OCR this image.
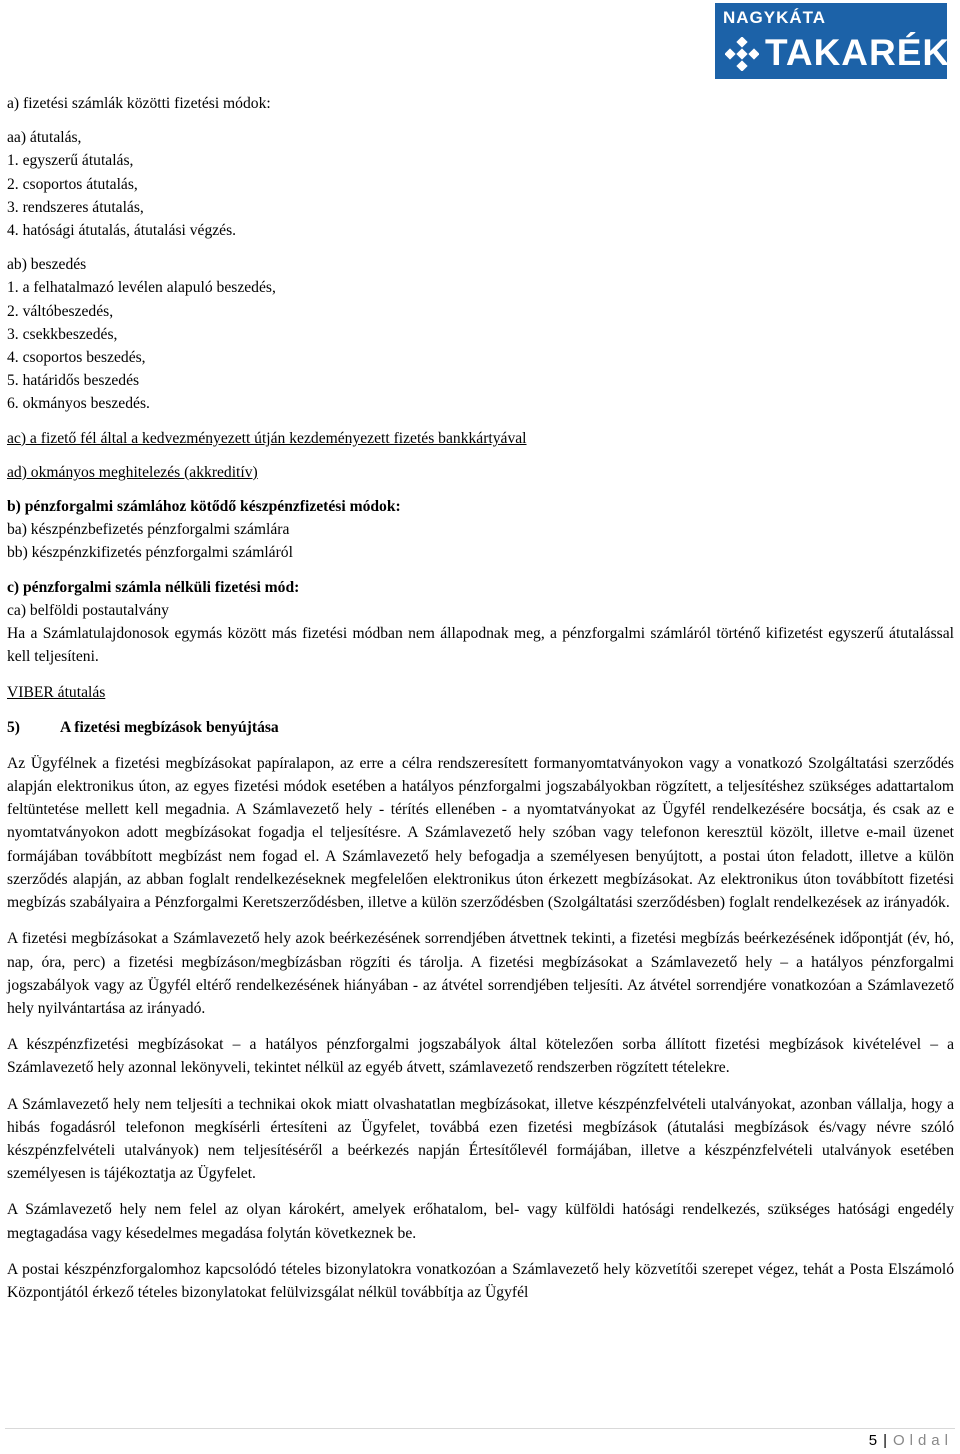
NAGYKÁTA
TAKARÉK

a) fizetési számlák közötti fizetési módok:

aa) átutalás,

1. egyszerű átutalás,

2. csoportos átutalás,

3. rendszeres átutalás,

4. hatósági átutalás, átutalási végzés.

ab) beszedés

1. a felhatalmazó levélen alapuló beszedés,

2. váltóbeszedés,

3. csekkbeszedés,

4. csoportos beszedés,

5. határidős beszedés

6. okmányos beszedés.

ac) a fizető fél által a kedvezményezett útján kezdeményezett fizetés bankkártyával

ad) okmányos meghitelezés (akkreditív)

b) pénzforgalmi számlához kötődő készpénzfizetési módok:

ba) készpénzbefizetés pénzforgalmi számlára

bb) készpénzkifizetés pénzforgalmi számláról

c) pénzforgalmi számla nélküli fizetési mód:

ca) belföldi postautalvány

Ha a Számlatulajdonosok egymás között más fizetési módban nem állapodnak meg, a pénzforgalmi számláról történő kifizetést egyszerű átutalással kell teljesíteni.

VIBER átutalás

5)	A fizetési megbízások benyújtása

Az Ügyfélnek a fizetési megbízásokat papíralapon, az erre a célra rendszeresített formanyomtatványokon vagy a vonatkozó Szolgáltatási szerződés alapján elektronikus úton, az egyes fizetési módok esetében a hatályos pénzforgalmi jogszabályokban rögzített, a teljesítéshez szükséges adattartalom feltüntetése mellett kell megadnia. A Számlavezető hely - térítés ellenében - a nyomtatványokat az Ügyfél rendelkezésére bocsátja, és csak az e nyomtatványokon adott megbízásokat fogadja el teljesítésre. A Számlavezető hely szóban vagy telefonon keresztül közölt, illetve e-mail üzenet formájában továbbított megbízást nem fogad el. A Számlavezető hely befogadja a személyesen benyújtott, a postai úton feladott, illetve a külön szerződés alapján, az abban foglalt rendelkezéseknek megfelelően elektronikus úton érkezett megbízásokat. Az elektronikus úton továbbított fizetési megbízás szabályaira a Pénzforgalmi Keretszerződésben, illetve a külön szerződésben (Szolgáltatási szerződésben) foglalt rendelkezések az irányadók.

A fizetési megbízásokat a Számlavezető hely azok beérkezésének sorrendjében átvettnek tekinti, a fizetési megbízás beérkezésének időpontját (év, hó, nap, óra, perc) a fizetési megbízáson/megbízásban rögzíti és tárolja. A fizetési megbízásokat a Számlavezető hely – a hatályos pénzforgalmi jogszabályok vagy az Ügyfél eltérő rendelkezésének hiányában - az átvétel sorrendjében teljesíti. Az átvétel sorrendjére vonatkozóan a Számlavezető hely nyilvántartása az irányadó.

A készpénzfizetési megbízásokat – a hatályos pénzforgalmi jogszabályok által kötelezően sorba állított fizetési megbízások kivételével – a Számlavezető hely azonnal lekönyveli, tekintet nélkül az egyéb átvett, számlavezető rendszerben rögzített tételekre.

A Számlavezető hely nem teljesíti a technikai okok miatt olvashatatlan megbízásokat, illetve készpénzfelvételi utalványokat, azonban vállalja, hogy a hibás fogadásról telefonon megkísérli értesíteni az Ügyfelet, továbbá ezen fizetési megbízások (átutalási megbízások és/vagy névre szóló készpénzfelvételi utalványok) nem teljesítéséről a beérkezés napján Értesítőlevél formájában, illetve a készpénzfelvételi utalványok esetében személyesen is tájékoztatja az Ügyfelet.

A Számlavezető hely nem felel az olyan károkért, amelyek erőhatalom, bel- vagy külföldi hatósági rendelkezés, szükséges hatósági engedély megtagadása vagy késedelmes megadása folytán következnek be.

A postai készpénzforgalomhoz kapcsolódó tételes bizonylatokra vonatkozóan a Számlavezető hely közvetítői szerepet végez, tehát a Posta Elszámoló Központjától érkező tételes bizonylatokat felülvizsgálat nélkül továbbítja az Ügyfél

5 | Oldal
